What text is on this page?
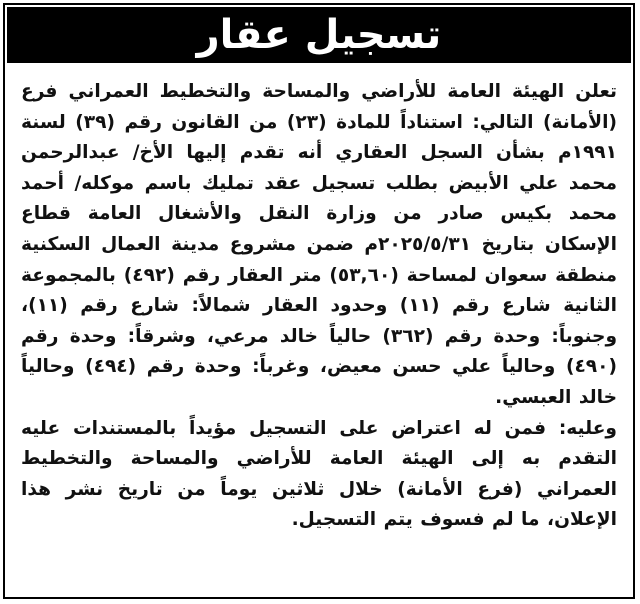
تسجيل عقار

تعلن الهيئة العامة للأراضي والمساحة والتخطيط العمراني فرع (الأمانة) التالي: استناداً للمادة (٢٣) من القانون رقم (٣٩) لسنة ١٩٩١م بشأن السجل العقاري أنه تقدم إليها الأخ/ عبدالرحمن محمد علي الأبيض بطلب تسجيل عقد تمليك باسم موكله/ أحمد محمد بكيس صادر من وزارة النقل والأشغال العامة قطاع الإسكان بتاريخ ٢٠٢٥/٥/٣١م ضمن مشروع مدينة العمال السكنية منطقة سعوان لمساحة (٥٣,٦٠) متر العقار رقم (٤٩٢) بالمجموعة الثانية شارع رقم (١١) وحدود العقار شمالاً: شارع رقم (١١)، وجنوباً: وحدة رقم (٣٦٢) حالياً خالد مرعي، وشرقاً: وحدة رقم (٤٩٠) وحالياً علي حسن معيض، وغرباً: وحدة رقم (٤٩٤) وحالياً خالد العبسي.

وعليه: فمن له اعتراض على التسجيل مؤيداً بالمستندات عليه التقدم به إلى الهيئة العامة للأراضي والمساحة والتخطيط العمراني (فرع الأمانة) خلال ثلاثين يوماً من تاريخ نشر هذا الإعلان، ما لم فسوف يتم التسجيل.
